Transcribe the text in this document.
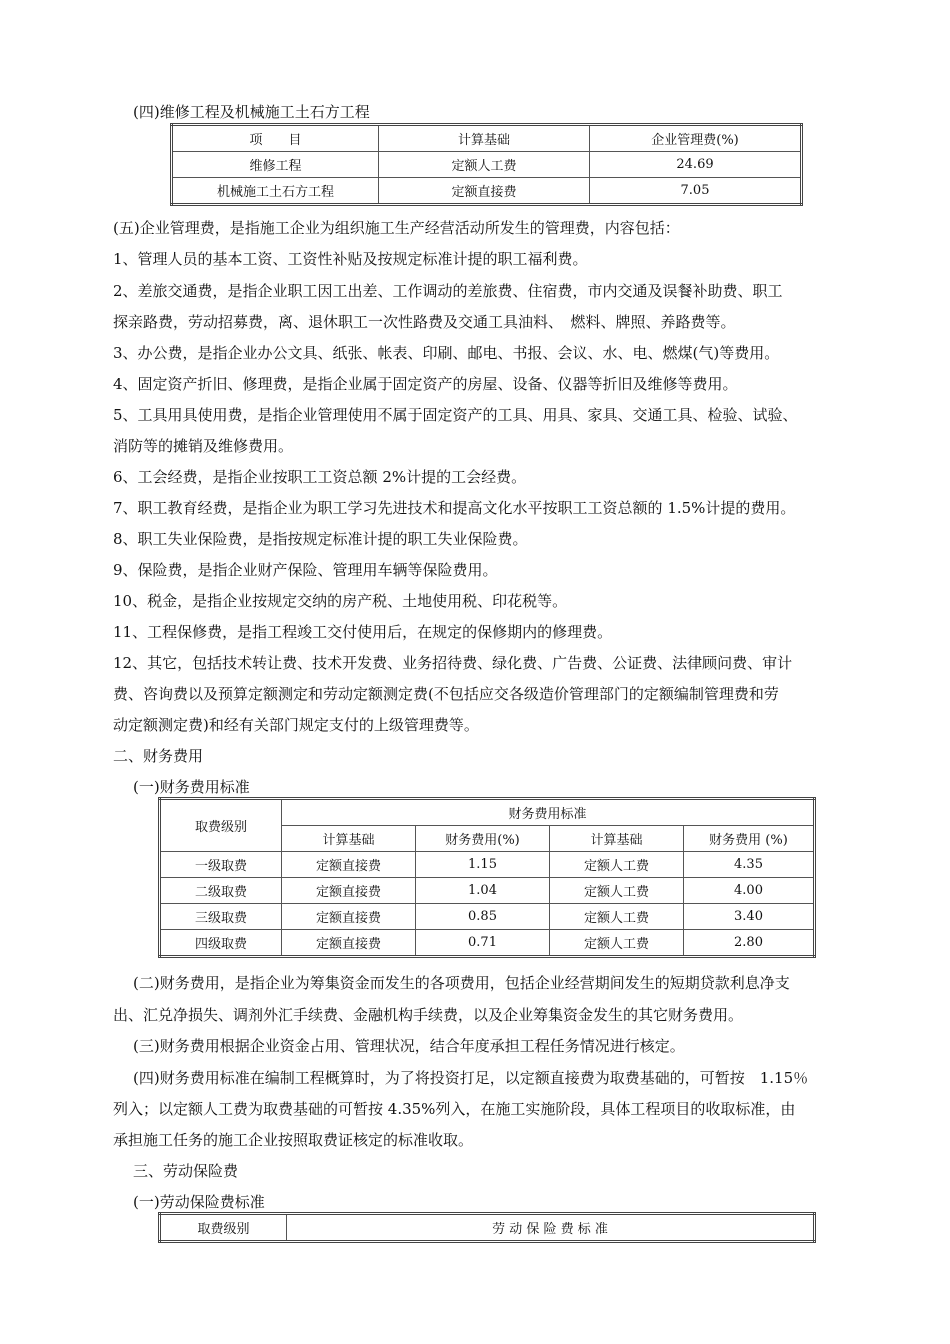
(四)维修工程及机械施工土石方工程
项　　目	计算基础	企业管理费(%)
维修工程	定额人工费	24.69
机械施工土石方工程	定额直接费	7.05
(五)企业管理费，是指施工企业为组织施工生产经营活动所发生的管理费，内容包括：
1、管理人员的基本工资、工资性补贴及按规定标准计提的职工福利费。
2、差旅交通费，是指企业职工因工出差、工作调动的差旅费、住宿费，市内交通及误餐补助费、职工
探亲路费，劳动招募费，离、退休职工一次性路费及交通工具油料、　燃料、牌照、养路费等。
3、办公费，是指企业办公文具、纸张、帐表、印刷、邮电、书报、会议、水、电、燃煤(气)等费用。
4、固定资产折旧、修理费，是指企业属于固定资产的房屋、设备、仪器等折旧及维修等费用。
5、工具用具使用费，是指企业管理使用不属于固定资产的工具、用具、家具、交通工具、检验、试验、
消防等的摊销及维修费用。
6、工会经费，是指企业按职工工资总额 2%计提的工会经费。
7、职工教育经费，是指企业为职工学习先进技术和提高文化水平按职工工资总额的 1.5%计提的费用。
8、职工失业保险费，是指按规定标准计提的职工失业保险费。
9、保险费，是指企业财产保险、管理用车辆等保险费用。
10、税金，是指企业按规定交纳的房产税、土地使用税、印花税等。
11、工程保修费，是指工程竣工交付使用后，在规定的保修期内的修理费。
12、其它，包括技术转让费、技术开发费、业务招待费、绿化费、广告费、公证费、法律顾问费、审计
费、咨询费以及预算定额测定和劳动定额测定费(不包括应交各级造价管理部门的定额编制管理费和劳
动定额测定费)和经有关部门规定支付的上级管理费等。
二、财务费用
(一)财务费用标准
取费级别	财务费用标准			
	计算基础	财务费用(%)	计算基础	财务费用 (%)
一级取费	定额直接费	1.15	定额人工费	4.35
二级取费	定额直接费	1.04	定额人工费	4.00
三级取费	定额直接费	0.85	定额人工费	3.40
四级取费	定额直接费	0.71	定额人工费	2.80
(二)财务费用，是指企业为筹集资金而发生的各项费用，包括企业经营期间发生的短期贷款利息净支
出、汇兑净损失、调剂外汇手续费、金融机构手续费，以及企业筹集资金发生的其它财务费用。
(三)财务费用根据企业资金占用、管理状况，结合年度承担工程任务情况进行核定。
(四)财务费用标准在编制工程概算时，为了将投资打足，以定额直接费为取费基础的，可暂按　1.15％
列入；以定额人工费为取费基础的可暂按 4.35%列入，在施工实施阶段，具体工程项目的收取标准，由
承担施工任务的施工企业按照取费证核定的标准收取。
三、劳动保险费
(一)劳动保险费标准
取费级别	劳 动 保 险 费 标 准
